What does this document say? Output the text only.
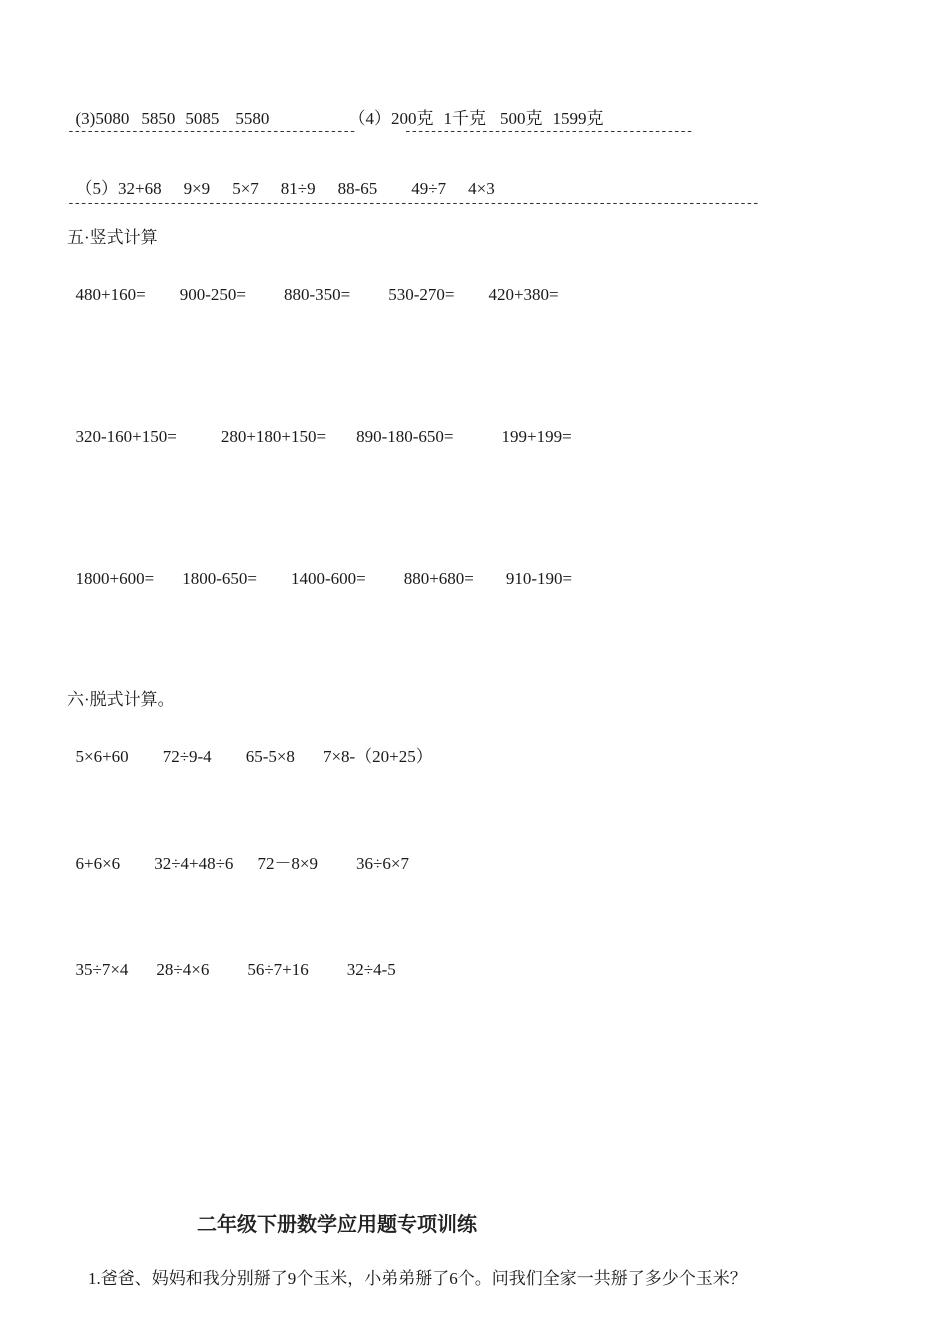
(3)5080 5850 5085 5580	（4）200克 1千克 500克 1599克

---------------------------------------------	---------------------------------------------

（5）32+68 9×9 5×7 81÷9 88-65 49÷7 4×3

------------------------------------------------------------------------------------------------------------
五·竖式计算

480+160= 900-250= 880-350= 530-270= 420+380=

320-160+150=	280+180+150= 890-180-650=	199+199=

1800+600= 1800-650= 1400-600= 880+680= 910-190=

六·脱式计算。

5×6+60 72÷9-4 65-5×8 7×8-（20+25）

6+6×6 32÷4+48÷6 72－8×9 36÷6×7

35÷7×4 28÷4×6 56÷7+16 32÷4-5

二年级下册数学应用题专项训练
1.爸爸、妈妈和我分别掰了9个玉米，小弟弟掰了6个。问我们全家一共掰了多少个玉米？
